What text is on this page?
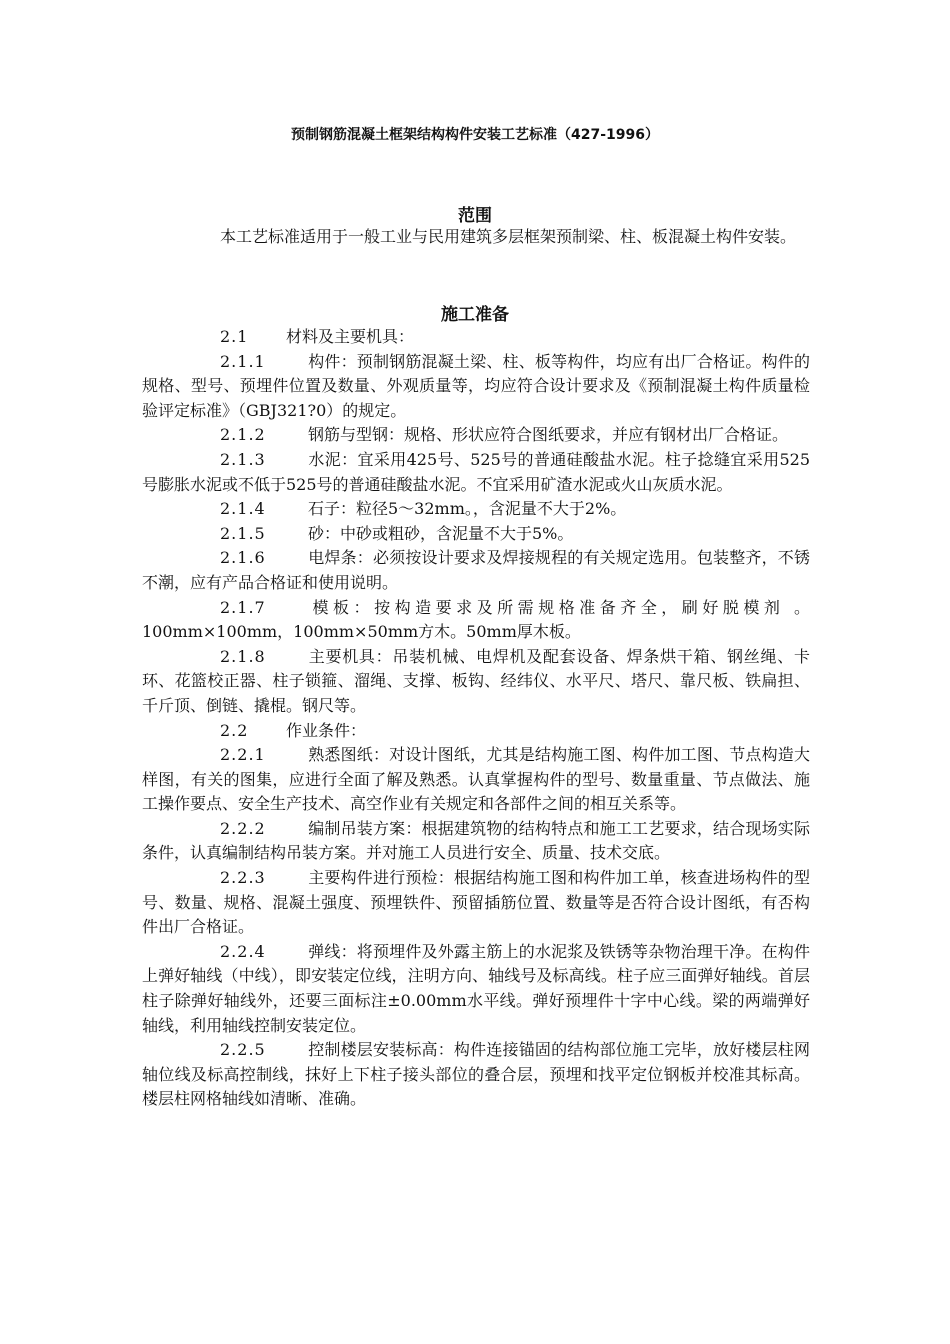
预制钢筋混凝土框架结构构件安装工艺标准（427-1996）
范围

本工艺标准适用于一般工业与民用建筑多层框架预制梁、柱、板混凝土构件安装。

施工准备

2.1 材料及主要机具：

2.1.1	构件：预制钢筋混凝土梁、柱、板等构件，均应有出厂合格证。构件的规格、型号、预埋件位置及数量、外观质量等，均应符合设计要求及《预制混凝土构件质量检验评定标准》（GBJ321?0）的规定。

2.1.2	钢筋与型钢：规格、形状应符合图纸要求，并应有钢材出厂合格证。

2.1.3	水泥：宜采用425号、525号的普通硅酸盐水泥。柱子捻缝宜采用525号膨胀水泥或不低于525号的普通硅酸盐水泥。不宜采用矿渣水泥或火山灰质水泥。

2.1.4	石子：粒径5～32mm。，含泥量不大于2%。

2.1.5	砂：中砂或粗砂，含泥量不大于5%。

2.1.6	电焊条：必须按设计要求及焊接规程的有关规定选用。包装整齐，不锈不潮，应有产品合格证和使用说明。

2.1.7	模板：按构造要求及所需规格准备齐全，刷好脱模剂 。100mm×100mm，100mm×50mm方木。50mm厚木板。

2.1.8	主要机具：吊装机械、电焊机及配套设备、焊条烘干箱、钢丝绳、卡环、花篮校正器、柱子锁箍、溜绳、支撑、板钩、经纬仪、水平尺、塔尺、靠尺板、铁扁担、千斤顶、倒链、撬棍。钢尺等。

2.2 作业条件：

2.2.1	熟悉图纸：对设计图纸，尤其是结构施工图、构件加工图、节点构造大样图，有关的图集，应进行全面了解及熟悉。认真掌握构件的型号、数量重量、节点做法、施工操作要点、安全生产技术、高空作业有关规定和各部件之间的相互关系等。

2.2.2	编制吊装方案：根据建筑物的结构特点和施工工艺要求，结合现场实际条件，认真编制结构吊装方案。并对施工人员进行安全、质量、技术交底。

2.2.3	主要构件进行预检：根据结构施工图和构件加工单，核查进场构件的型号、数量、规格、混凝土强度、预埋铁件、预留插筋位置、数量等是否符合设计图纸，有否构件出厂合格证。

2.2.4	弹线：将预埋件及外露主筋上的水泥浆及铁锈等杂物治理干净。在构件上弹好轴线（中线），即安装定位线，注明方向、轴线号及标高线。柱子应三面弹好轴线。首层柱子除弹好轴线外，还要三面标注±0.00mm水平线。弹好预埋件十字中心线。梁的两端弹好轴线，利用轴线控制安装定位。

2.2.5	控制楼层安装标高：构件连接锚固的结构部位施工完毕，放好楼层柱网轴位线及标高控制线，抹好上下柱子接头部位的叠合层，预埋和找平定位钢板并校准其标高。楼层柱网格轴线如清晰、准确。
